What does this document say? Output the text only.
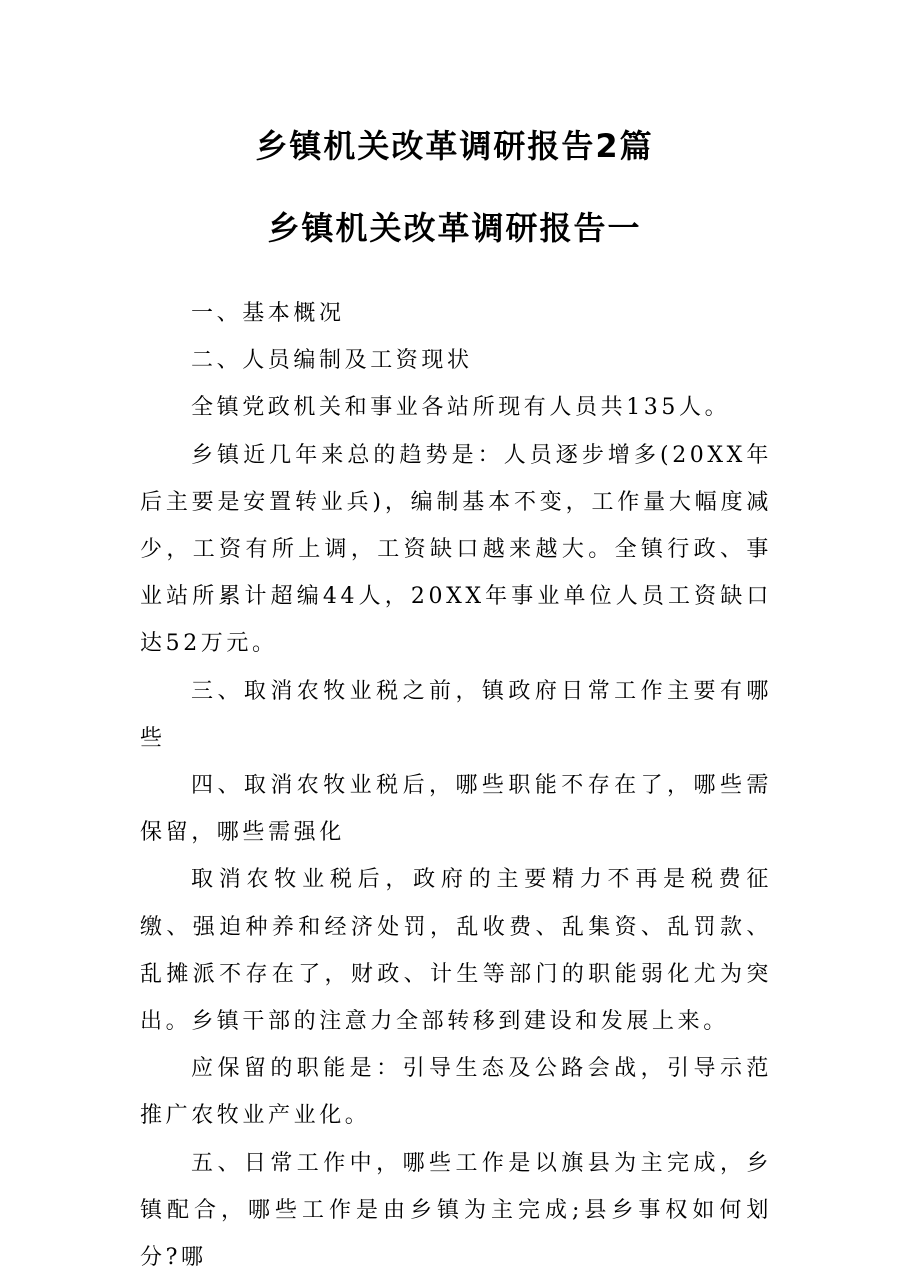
乡镇机关改革调研报告2篇
乡镇机关改革调研报告一

一、基本概况

二、人员编制及工资现状

全镇党政机关和事业各站所现有人员共135人。

乡镇近几年来总的趋势是：人员逐步增多(20XX年后主要是安置转业兵)，编制基本不变，工作量大幅度减少，工资有所上调，工资缺口越来越大。全镇行政、事业站所累计超编44人，20XX年事业单位人员工资缺口达52万元。

三、取消农牧业税之前，镇政府日常工作主要有哪些

四、取消农牧业税后，哪些职能不存在了，哪些需保留，哪些需强化

取消农牧业税后，政府的主要精力不再是税费征缴、强迫种养和经济处罚，乱收费、乱集资、乱罚款、乱摊派不存在了，财政、计生等部门的职能弱化尤为突出。乡镇干部的注意力全部转移到建设和发展上来。

应保留的职能是：引导生态及公路会战，引导示范推广农牧业产业化。

五、日常工作中，哪些工作是以旗县为主完成，乡镇配合，哪些工作是由乡镇为主完成;县乡事权如何划分?哪
